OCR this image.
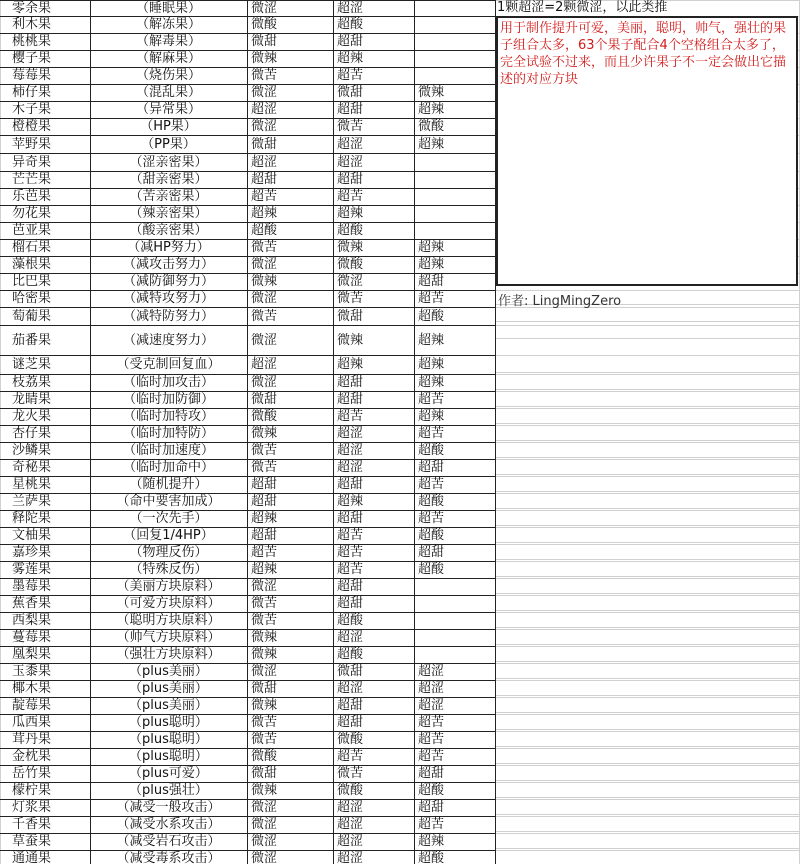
零余果	（睡眠果）	微涩	超涩
利木果	（解冻果）	微酸	超酸
桃桃果	（解毒果）	微甜	超甜
樱子果	（解麻果）	微辣	超辣
莓莓果	（烧伤果）	微苦	超苦
柿仔果	（混乱果）	微涩	微甜	微辣
木子果	（异常果）	超涩	超甜	超辣
橙橙果	（HP果）	微涩	微苦	微酸
苹野果	（PP果）	微甜	超涩	超辣
异奇果	（涩亲密果）	超涩	超涩
芒芒果	（甜亲密果）	超甜	超甜
乐芭果	（苦亲密果）	超苦	超苦
勿花果	（辣亲密果）	超辣	超辣
芭亚果	（酸亲密果）	超酸	超酸
榴石果	（减HP努力）	微苦	微辣	超辣
藻根果	（减攻击努力）	微涩	微酸	超辣
比巴果	（减防御努力）	微辣	微涩	超甜
哈密果	（减特攻努力）	微涩	微苦	超苦
萄葡果	（减特防努力）	微苦	微甜	超酸
茄番果	（减速度努力）	微涩	微辣	超辣
谜芝果	（受克制回复血）	超涩	超辣	超辣
枝荔果	（临时加攻击）	微涩	超甜	超辣
龙睛果	（临时加防御）	微甜	超甜	超苦
龙火果	（临时加特攻）	微酸	超苦	超辣
杏仔果	（临时加特防）	微辣	超涩	超苦
沙鳞果	（临时加速度）	微苦	超涩	超酸
奇秘果	（临时加命中）	微苦	超涩	超甜
星桃果	（随机提升）	超甜	超甜	超苦
兰萨果	（命中要害加成）	超甜	超辣	超酸
释陀果	（一次先手）	超辣	超甜	超苦
文柚果	（回复1/4HP）	超甜	超苦	超酸
嘉珍果	（物理反伤）	超苦	超苦	超甜
雾莲果	（特殊反伤）	超辣	超苦	超酸
墨莓果	（美丽方块原料）	微涩	超甜
蕉香果	（可爱方块原料）	微苦	超甜
西梨果	（聪明方块原料）	微苦	超酸
蔓莓果	（帅气方块原料）	微辣	超涩
凰梨果	（强壮方块原料）	微辣	超酸
玉黍果	（plus美丽）	微涩	微甜	超涩
椰木果	（plus美丽）	微甜	超涩	超涩
靛莓果	（plus美丽）	微辣	超甜	超涩
瓜西果	（plus聪明）	微苦	超甜	超苦
茸丹果	（plus聪明）	微苦	微酸	超苦
金枕果	（plus聪明）	微酸	超苦	超苦
岳竹果	（plus可爱）	微甜	微苦	超甜
檬柠果	（plus强壮）	微辣	微酸	超酸
灯浆果	（减受一般攻击）	微涩	超涩	超甜
千香果	（减受水系攻击）	微涩	超涩	超苦
草蚕果	（减受岩石攻击）	微涩	超涩	超辣
通通果	（减受毒系攻击）	微涩	超涩	超酸
1颗超涩=2颗微涩，以此类推
用于制作提升可爱，美丽，聪明，帅气，强壮的果子组合太多，63个果子配合4个空格组合太多了，完全试验不过来，而且少许果子不一定会做出它描述的对应方块
作者: LingMingZero
